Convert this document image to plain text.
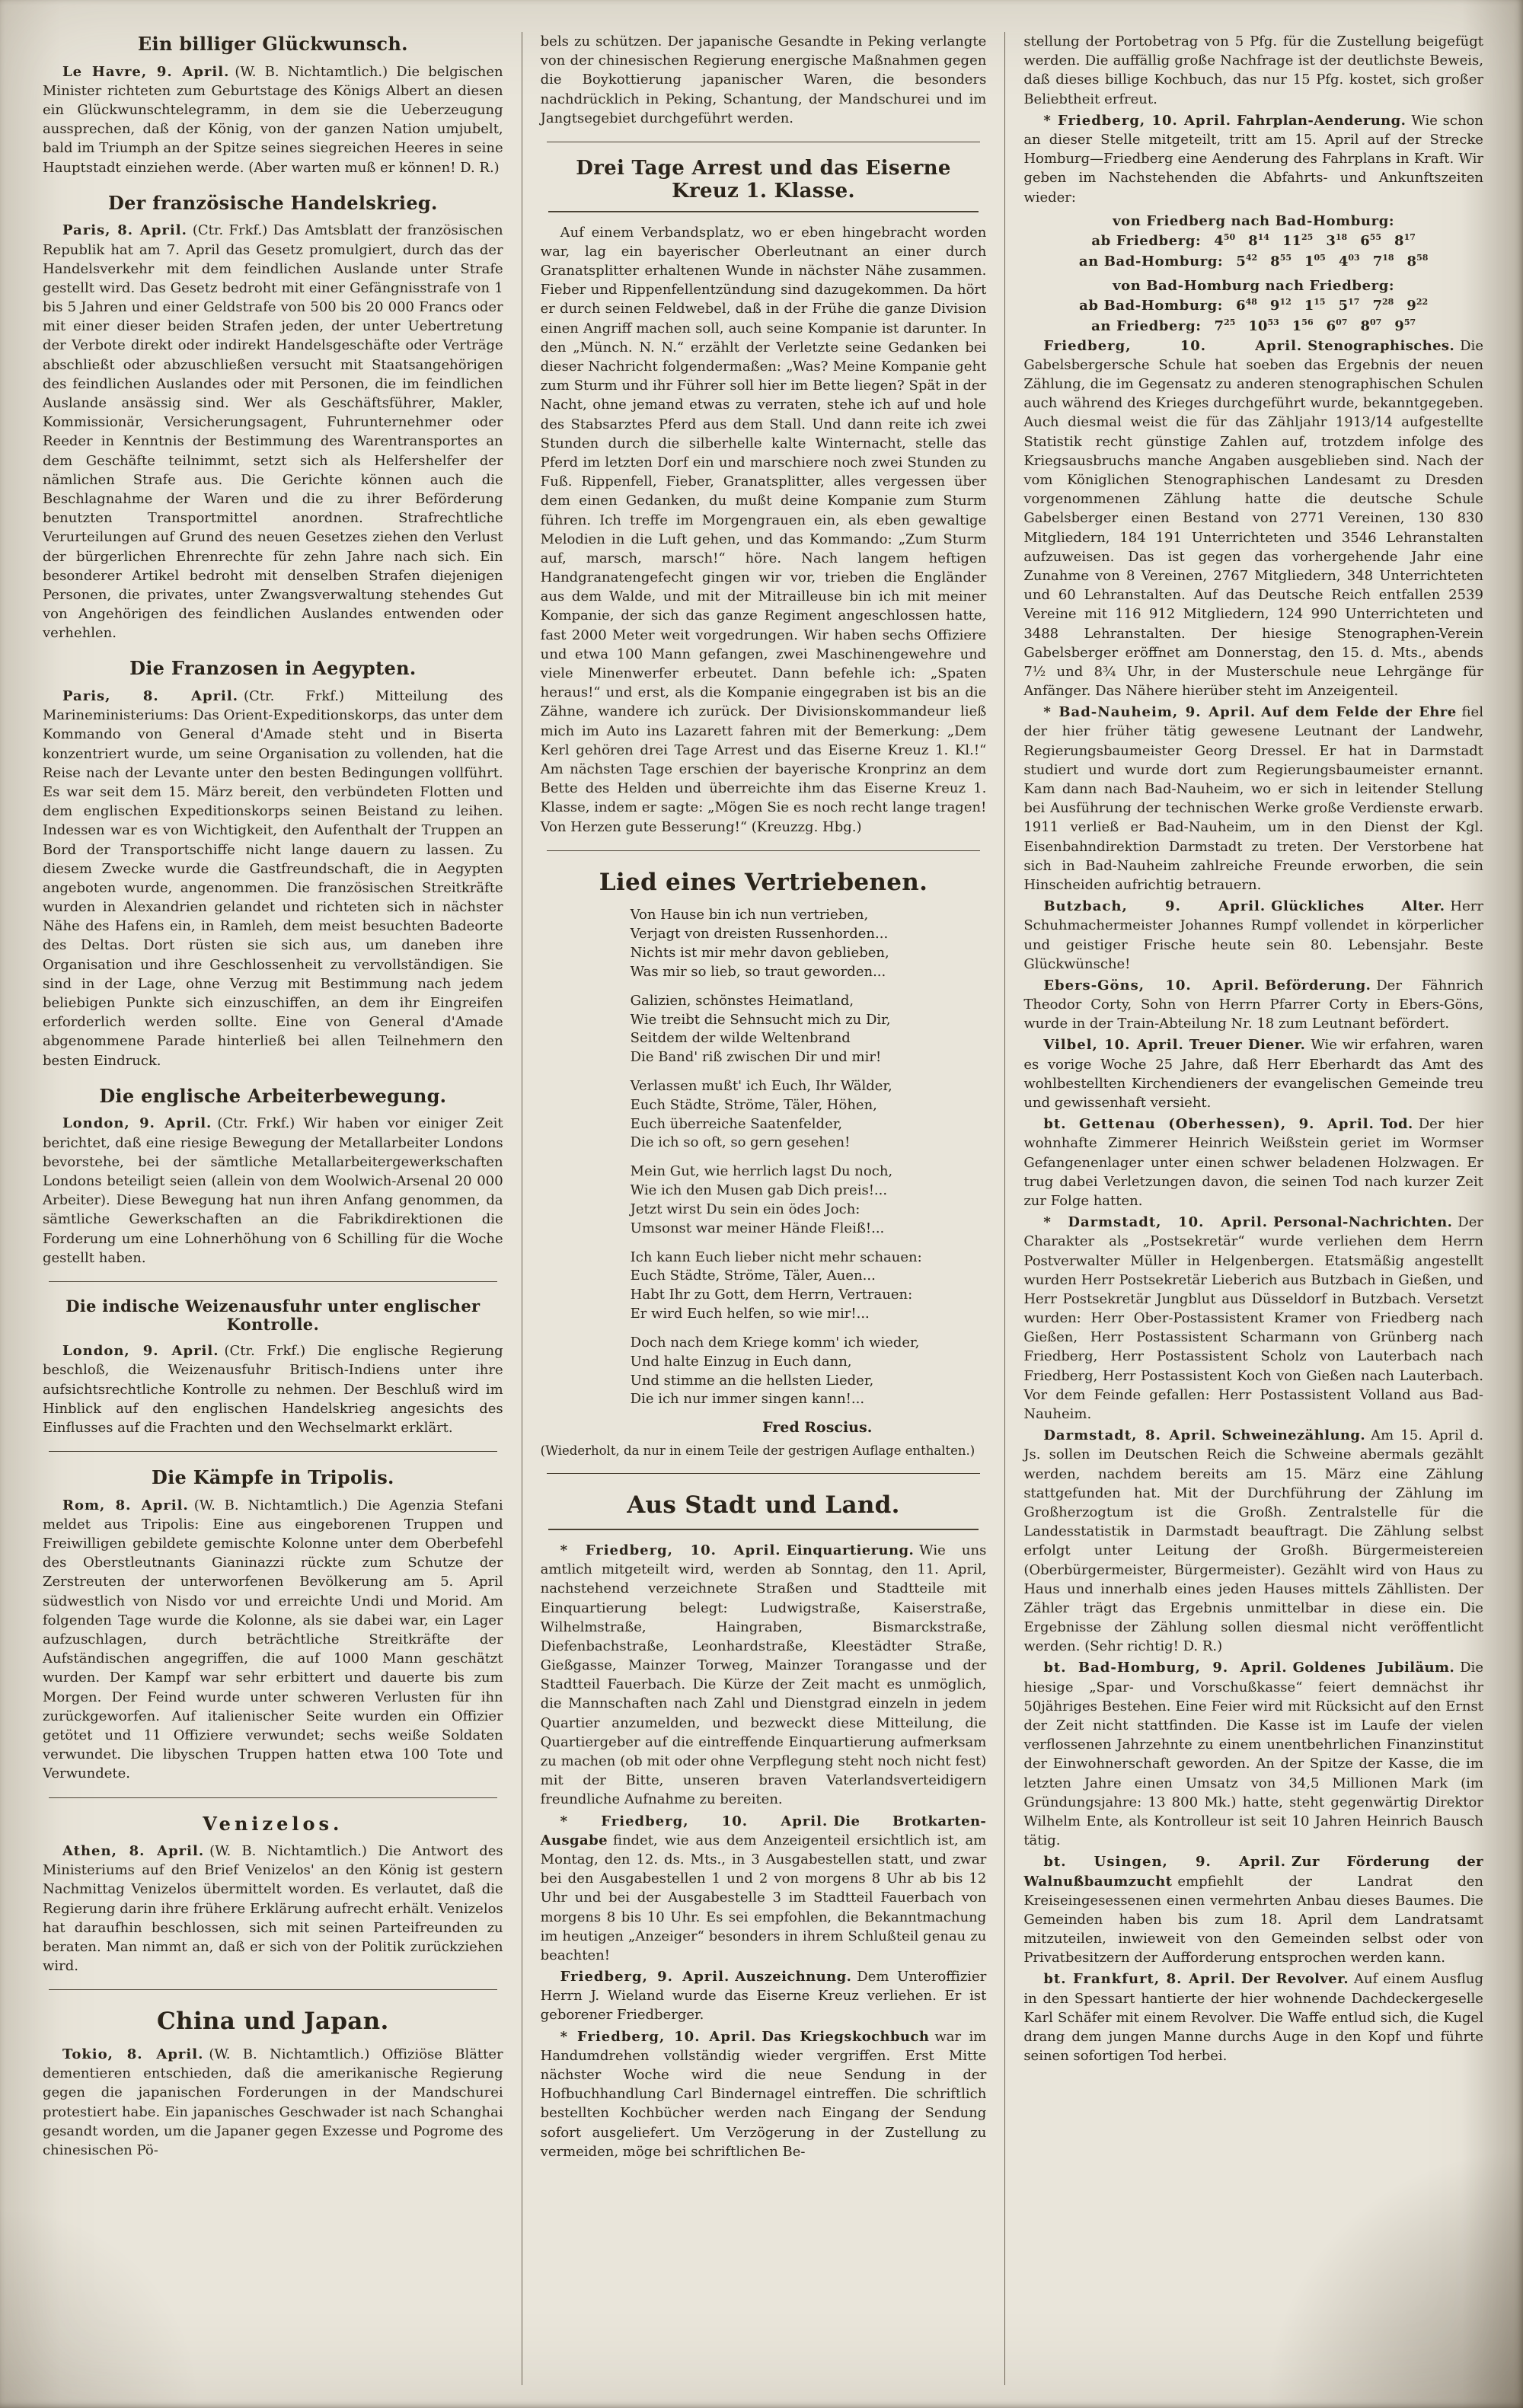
Ein billiger Glückwunsch.

Le Havre, 9. April. (W. B. Nichtamtlich.) Die belgischen Minister richteten zum Geburtstage des Königs Albert an diesen ein Glückwunschtelegramm, in dem sie die Ueberzeugung aussprechen, daß der König, von der ganzen Nation umjubelt, bald im Triumph an der Spitze seines siegreichen Heeres in seine Hauptstadt einziehen werde. (Aber warten muß er können! D. R.)

Der französische Handelskrieg.

Paris, 8. April. (Ctr. Frkf.) Das Amtsblatt der französischen Republik hat am 7. April das Gesetz promulgiert, durch das der Handelsverkehr mit dem feindlichen Auslande unter Strafe gestellt wird. Das Gesetz bedroht mit einer Gefängnisstrafe von 1 bis 5 Jahren und einer Geldstrafe von 500 bis 20 000 Francs oder mit einer dieser beiden Strafen jeden, der unter Uebertretung der Verbote direkt oder indirekt Handelsgeschäfte oder Verträge abschließt oder abzuschließen versucht mit Staatsangehörigen des feindlichen Auslandes oder mit Personen, die im feindlichen Auslande ansässig sind. Wer als Geschäftsführer, Makler, Kommissionär, Versicherungsagent, Fuhrunternehmer oder Reeder in Kenntnis der Bestimmung des Warentransportes an dem Geschäfte teilnimmt, setzt sich als Helfershelfer der nämlichen Strafe aus. Die Gerichte können auch die Beschlagnahme der Waren und die zu ihrer Beförderung benutzten Transportmittel anordnen. Strafrechtliche Verurteilungen auf Grund des neuen Gesetzes ziehen den Verlust der bürgerlichen Ehrenrechte für zehn Jahre nach sich. Ein besonderer Artikel bedroht mit denselben Strafen diejenigen Personen, die privates, unter Zwangsverwaltung stehendes Gut von Angehörigen des feindlichen Auslandes entwenden oder verhehlen.

Die Franzosen in Aegypten.

Paris, 8. April. (Ctr. Frkf.) Mitteilung des Marineministeriums: Das Orient-Expeditionskorps, das unter dem Kommando von General d'Amade steht und in Biserta konzentriert wurde, um seine Organisation zu vollenden, hat die Reise nach der Levante unter den besten Bedingungen vollführt. Es war seit dem 15. März bereit, den verbündeten Flotten und dem englischen Expeditionskorps seinen Beistand zu leihen. Indessen war es von Wichtigkeit, den Aufenthalt der Truppen an Bord der Transportschiffe nicht lange dauern zu lassen. Zu diesem Zwecke wurde die Gastfreundschaft, die in Aegypten angeboten wurde, angenommen. Die französischen Streitkräfte wurden in Alexandrien gelandet und richteten sich in nächster Nähe des Hafens ein, in Ramleh, dem meist besuchten Badeorte des Deltas. Dort rüsten sie sich aus, um daneben ihre Organisation und ihre Geschlossenheit zu vervollständigen. Sie sind in der Lage, ohne Verzug mit Bestimmung nach jedem beliebigen Punkte sich einzuschiffen, an dem ihr Eingreifen erforderlich werden sollte. Eine von General d'Amade abgenommene Parade hinterließ bei allen Teilnehmern den besten Eindruck.

Die englische Arbeiterbewegung.

London, 9. April. (Ctr. Frkf.) Wir haben vor einiger Zeit berichtet, daß eine riesige Bewegung der Metallarbeiter Londons bevorstehe, bei der sämtliche Metallarbeitergewerkschaften Londons beteiligt seien (allein von dem Woolwich-Arsenal 20 000 Arbeiter). Diese Bewegung hat nun ihren Anfang genommen, da sämtliche Gewerkschaften an die Fabrikdirektionen die Forderung um eine Lohnerhöhung von 6 Schilling für die Woche gestellt haben.

Die indische Weizenausfuhr unter englischer Kontrolle.

London, 9. April. (Ctr. Frkf.) Die englische Regierung beschloß, die Weizenausfuhr Britisch-Indiens unter ihre aufsichtsrechtliche Kontrolle zu nehmen. Der Beschluß wird im Hinblick auf den englischen Handelskrieg angesichts des Einflusses auf die Frachten und den Wechselmarkt erklärt.

Die Kämpfe in Tripolis.

Rom, 8. April. (W. B. Nichtamtlich.) Die Agenzia Stefani meldet aus Tripolis: Eine aus eingeborenen Truppen und Freiwilligen gebildete gemischte Kolonne unter dem Oberbefehl des Oberstleutnants Gianinazzi rückte zum Schutze der Zerstreuten der unterworfenen Bevölkerung am 5. April südwestlich von Nisdo vor und erreichte Undi und Morid. Am folgenden Tage wurde die Kolonne, als sie dabei war, ein Lager aufzuschlagen, durch beträchtliche Streitkräfte der Aufständischen angegriffen, die auf 1000 Mann geschätzt wurden. Der Kampf war sehr erbittert und dauerte bis zum Morgen. Der Feind wurde unter schweren Verlusten für ihn zurückgeworfen. Auf italienischer Seite wurden ein Offizier getötet und 11 Offiziere verwundet; sechs weiße Soldaten verwundet. Die libyschen Truppen hatten etwa 100 Tote und Verwundete.

Venizelos.

Athen, 8. April. (W. B. Nichtamtlich.) Die Antwort des Ministeriums auf den Brief Venizelos' an den König ist gestern Nachmittag Venizelos übermittelt worden. Es verlautet, daß die Regierung darin ihre frühere Erklärung aufrecht erhält. Venizelos hat daraufhin beschlossen, sich mit seinen Parteifreunden zu beraten. Man nimmt an, daß er sich von der Politik zurückziehen wird.

China und Japan.

Tokio, 8. April. (W. B. Nichtamtlich.) Offiziöse Blätter dementieren entschieden, daß die amerikanische Regierung gegen die japanischen Forderungen in der Mandschurei protestiert habe. Ein japanisches Geschwader ist nach Schanghai gesandt worden, um die Japaner gegen Exzesse und Pogrome des chinesischen Pö-

bels zu schützen. Der japanische Gesandte in Peking verlangte von der chinesischen Regierung energische Maßnahmen gegen die Boykottierung japanischer Waren, die besonders nachdrücklich in Peking, Schantung, der Mandschurei und im Jangtsegebiet durchgeführt werden.

Drei Tage Arrest und das Eiserne Kreuz 1. Klasse.

Auf einem Verbandsplatz, wo er eben hingebracht worden war, lag ein bayerischer Oberleutnant an einer durch Granatsplitter erhaltenen Wunde in nächster Nähe zusammen. Fieber und Rippenfellentzündung sind dazugekommen. Da hört er durch seinen Feldwebel, daß in der Frühe die ganze Division einen Angriff machen soll, auch seine Kompanie ist darunter. In den „Münch. N. N.“ erzählt der Verletzte seine Gedanken bei dieser Nachricht folgendermaßen: „Was? Meine Kompanie geht zum Sturm und ihr Führer soll hier im Bette liegen? Spät in der Nacht, ohne jemand etwas zu verraten, stehe ich auf und hole des Stabsarztes Pferd aus dem Stall. Und dann reite ich zwei Stunden durch die silberhelle kalte Winternacht, stelle das Pferd im letzten Dorf ein und marschiere noch zwei Stunden zu Fuß. Rippenfell, Fieber, Granatsplitter, alles vergessen über dem einen Gedanken, du mußt deine Kompanie zum Sturm führen. Ich treffe im Morgengrauen ein, als eben gewaltige Melodien in die Luft gehen, und das Kommando: „Zum Sturm auf, marsch, marsch!“ höre. Nach langem heftigen Handgranatengefecht gingen wir vor, trieben die Engländer aus dem Walde, und mit der Mitrailleuse bin ich mit meiner Kompanie, der sich das ganze Regiment angeschlossen hatte, fast 2000 Meter weit vorgedrungen. Wir haben sechs Offiziere und etwa 100 Mann gefangen, zwei Maschinengewehre und viele Minenwerfer erbeutet. Dann befehle ich: „Spaten heraus!“ und erst, als die Kompanie eingegraben ist bis an die Zähne, wandere ich zurück. Der Divisionskommandeur ließ mich im Auto ins Lazarett fahren mit der Bemerkung: „Dem Kerl gehören drei Tage Arrest und das Eiserne Kreuz 1. Kl.!“ Am nächsten Tage erschien der bayerische Kronprinz an dem Bette des Helden und überreichte ihm das Eiserne Kreuz 1. Klasse, indem er sagte: „Mögen Sie es noch recht lange tragen! Von Herzen gute Besserung!“ (Kreuzzg. Hbg.)

Lied eines Vertriebenen.
Von Hause bin ich nun vertrieben,
Verjagt von dreisten Russenhorden...
Nichts ist mir mehr davon geblieben,
Was mir so lieb, so traut geworden...
Galizien, schönstes Heimatland,
Wie treibt die Sehnsucht mich zu Dir,
Seitdem der wilde Weltenbrand
Die Band' riß zwischen Dir und mir!
Verlassen mußt' ich Euch, Ihr Wälder,
Euch Städte, Ströme, Täler, Höhen,
Euch überreiche Saatenfelder,
Die ich so oft, so gern gesehen!
Mein Gut, wie herrlich lagst Du noch,
Wie ich den Musen gab Dich preis!...
Jetzt wirst Du sein ein ödes Joch:
Umsonst war meiner Hände Fleiß!...
Ich kann Euch lieber nicht mehr schauen:
Euch Städte, Ströme, Täler, Auen...
Habt Ihr zu Gott, dem Herrn, Vertrauen:
Er wird Euch helfen, so wie mir!...
Doch nach dem Kriege komm' ich wieder,
Und halte Einzug in Euch dann,
Und stimme an die hellsten Lieder,
Die ich nur immer singen kann!...
Fred Roscius.

(Wiederholt, da nur in einem Teile der gestrigen Auflage enthalten.)

Aus Stadt und Land.

* Friedberg, 10. April. Einquartierung. Wie uns amtlich mitgeteilt wird, werden ab Sonntag, den 11. April, nachstehend verzeichnete Straßen und Stadtteile mit Einquartierung belegt: Ludwigstraße, Kaiserstraße, Wilhelmstraße, Haingraben, Bismarckstraße, Diefenbachstraße, Leonhardstraße, Kleestädter Straße, Gießgasse, Mainzer Torweg, Mainzer Torangasse und der Stadtteil Fauerbach. Die Kürze der Zeit macht es unmöglich, die Mannschaften nach Zahl und Dienstgrad einzeln in jedem Quartier anzumelden, und bezweckt diese Mitteilung, die Quartiergeber auf die eintreffende Einquartierung aufmerksam zu machen (ob mit oder ohne Verpflegung steht noch nicht fest) mit der Bitte, unseren braven Vaterlandsverteidigern freundliche Aufnahme zu bereiten.

* Friedberg, 10. April. Die Brotkarten-Ausgabe findet, wie aus dem Anzeigenteil ersichtlich ist, am Montag, den 12. ds. Mts., in 3 Ausgabestellen statt, und zwar bei den Ausgabestellen 1 und 2 von morgens 8 Uhr ab bis 12 Uhr und bei der Ausgabestelle 3 im Stadtteil Fauerbach von morgens 8 bis 10 Uhr. Es sei empfohlen, die Bekanntmachung im heutigen „Anzeiger“ besonders in ihrem Schlußteil genau zu beachten!

Friedberg, 9. April. Auszeichnung. Dem Unteroffizier Herrn J. Wieland wurde das Eiserne Kreuz verliehen. Er ist geborener Friedberger.

* Friedberg, 10. April. Das Kriegskochbuch war im Handumdrehen vollständig wieder vergriffen. Erst Mitte nächster Woche wird die neue Sendung in der Hofbuchhandlung Carl Bindernagel eintreffen. Die schriftlich bestellten Kochbücher werden nach Eingang der Sendung sofort ausgeliefert. Um Verzögerung in der Zustellung zu vermeiden, möge bei schriftlichen Be-

stellung der Portobetrag von 5 Pfg. für die Zustellung beigefügt werden. Die auffällig große Nachfrage ist der deutlichste Beweis, daß dieses billige Kochbuch, das nur 15 Pfg. kostet, sich großer Beliebtheit erfreut.

* Friedberg, 10. April. Fahrplan-Aenderung. Wie schon an dieser Stelle mitgeteilt, tritt am 15. April auf der Strecke Homburg—Friedberg eine Aenderung des Fahrplans in Kraft. Wir geben im Nachstehenden die Abfahrts- und Ankunftszeiten wieder:

von Friedberg nach Bad-Homburg:
ab Friedberg: $4^{50}$ $8^{14}$ $11^{25}$ $3^{18}$ $6^{55}$ $8^{17}$
an Bad-Homburg: $5^{42}$ $8^{55}$ $1^{05}$ $4^{03}$ $7^{18}$ $8^{58}$
von Bad-Homburg nach Friedberg:
ab Bad-Homburg: $6^{48}$ $9^{12}$ $1^{15}$ $5^{17}$ $7^{28}$ $9^{22}$
an Friedberg: $7^{25}$ $10^{53}$ $1^{56}$ $6^{07}$ $8^{07}$ $9^{57}$

Friedberg, 10. April. Stenographisches. Die Gabelsbergersche Schule hat soeben das Ergebnis der neuen Zählung, die im Gegensatz zu anderen stenographischen Schulen auch während des Krieges durchgeführt wurde, bekanntgegeben. Auch diesmal weist die für das Zähljahr 1913/14 aufgestellte Statistik recht günstige Zahlen auf, trotzdem infolge des Kriegsausbruchs manche Angaben ausgeblieben sind. Nach der vom Königlichen Stenographischen Landesamt zu Dresden vorgenommenen Zählung hatte die deutsche Schule Gabelsberger einen Bestand von 2771 Vereinen, 130 830 Mitgliedern, 184 191 Unterrichteten und 3546 Lehranstalten aufzuweisen. Das ist gegen das vorhergehende Jahr eine Zunahme von 8 Vereinen, 2767 Mitgliedern, 348 Unterrichteten und 60 Lehranstalten. Auf das Deutsche Reich entfallen 2539 Vereine mit 116 912 Mitgliedern, 124 990 Unterrichteten und 3488 Lehranstalten. Der hiesige Stenographen-Verein Gabelsberger eröffnet am Donnerstag, den 15. d. Mts., abends 7½ und 8¾ Uhr, in der Musterschule neue Lehrgänge für Anfänger. Das Nähere hierüber steht im Anzeigenteil.

* Bad-Nauheim, 9. April. Auf dem Felde der Ehre fiel der hier früher tätig gewesene Leutnant der Landwehr, Regierungsbaumeister Georg Dressel. Er hat in Darmstadt studiert und wurde dort zum Regierungsbaumeister ernannt. Kam dann nach Bad-Nauheim, wo er sich in leitender Stellung bei Ausführung der technischen Werke große Verdienste erwarb. 1911 verließ er Bad-Nauheim, um in den Dienst der Kgl. Eisenbahndirektion Darmstadt zu treten. Der Verstorbene hat sich in Bad-Nauheim zahlreiche Freunde erworben, die sein Hinscheiden aufrichtig betrauern.

Butzbach, 9. April. Glückliches Alter. Herr Schuhmachermeister Johannes Rumpf vollendet in körperlicher und geistiger Frische heute sein 80. Lebensjahr. Beste Glückwünsche!

Ebers-Göns, 10. April. Beförderung. Der Fähnrich Theodor Corty, Sohn von Herrn Pfarrer Corty in Ebers-Göns, wurde in der Train-Abteilung Nr. 18 zum Leutnant befördert.

Vilbel, 10. April. Treuer Diener. Wie wir erfahren, waren es vorige Woche 25 Jahre, daß Herr Eberhardt das Amt des wohlbestellten Kirchendieners der evangelischen Gemeinde treu und gewissenhaft versieht.

bt. Gettenau (Oberhessen), 9. April. Tod. Der hier wohnhafte Zimmerer Heinrich Weißstein geriet im Wormser Gefangenenlager unter einen schwer beladenen Holzwagen. Er trug dabei Verletzungen davon, die seinen Tod nach kurzer Zeit zur Folge hatten.

* Darmstadt, 10. April. Personal-Nachrichten. Der Charakter als „Postsekretär“ wurde verliehen dem Herrn Postverwalter Müller in Helgenbergen. Etatsmäßig angestellt wurden Herr Postsekretär Lieberich aus Butzbach in Gießen, und Herr Postsekretär Jungblut aus Düsseldorf in Butzbach. Versetzt wurden: Herr Ober-Postassistent Kramer von Friedberg nach Gießen, Herr Postassistent Scharmann von Grünberg nach Friedberg, Herr Postassistent Scholz von Lauterbach nach Friedberg, Herr Postassistent Koch von Gießen nach Lauterbach. Vor dem Feinde gefallen: Herr Postassistent Volland aus Bad-Nauheim.

Darmstadt, 8. April. Schweinezählung. Am 15. April d. Js. sollen im Deutschen Reich die Schweine abermals gezählt werden, nachdem bereits am 15. März eine Zählung stattgefunden hat. Mit der Durchführung der Zählung im Großherzogtum ist die Großh. Zentralstelle für die Landesstatistik in Darmstadt beauftragt. Die Zählung selbst erfolgt unter Leitung der Großh. Bürgermeistereien (Oberbürgermeister, Bürgermeister). Gezählt wird von Haus zu Haus und innerhalb eines jeden Hauses mittels Zähllisten. Der Zähler trägt das Ergebnis unmittelbar in diese ein. Die Ergebnisse der Zählung sollen diesmal nicht veröffentlicht werden. (Sehr richtig! D. R.)

bt. Bad-Homburg, 9. April. Goldenes Jubiläum. Die hiesige „Spar- und Vorschußkasse“ feiert demnächst ihr 50jähriges Bestehen. Eine Feier wird mit Rücksicht auf den Ernst der Zeit nicht stattfinden. Die Kasse ist im Laufe der vielen verflossenen Jahrzehnte zu einem unentbehrlichen Finanzinstitut der Einwohnerschaft geworden. An der Spitze der Kasse, die im letzten Jahre einen Umsatz von 34,5 Millionen Mark (im Gründungsjahre: 13 800 Mk.) hatte, steht gegenwärtig Direktor Wilhelm Ente, als Kontrolleur ist seit 10 Jahren Heinrich Bausch tätig.

bt. Usingen, 9. April. Zur Förderung der Walnußbaumzucht empfiehlt der Landrat den Kreiseingesessenen einen vermehrten Anbau dieses Baumes. Die Gemeinden haben bis zum 18. April dem Landratsamt mitzuteilen, inwieweit von den Gemeinden selbst oder von Privatbesitzern der Aufforderung entsprochen werden kann.

bt. Frankfurt, 8. April. Der Revolver. Auf einem Ausflug in den Spessart hantierte der hier wohnende Dachdeckergeselle Karl Schäfer mit einem Revolver. Die Waffe entlud sich, die Kugel drang dem jungen Manne durchs Auge in den Kopf und führte seinen sofortigen Tod herbei.
